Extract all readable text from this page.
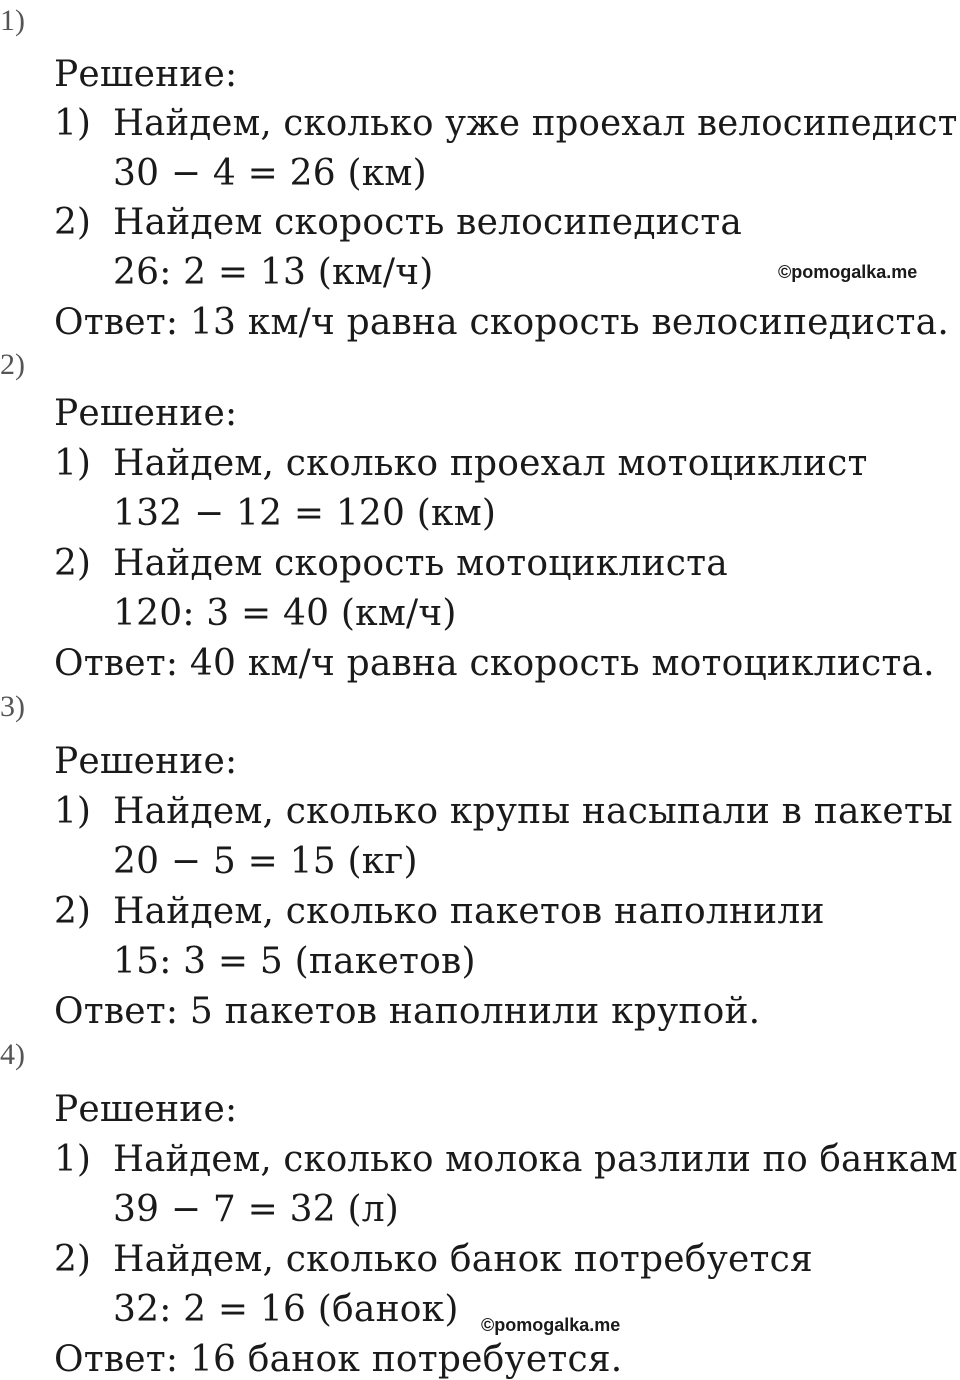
1)
Решение:
1) Найдем, сколько уже проехал велосипедист
30 − 4 = 26 (км)
2) Найдем скорость велосипедиста
26: 2 = 13 (км/ч)	©pomogalka.me
Ответ: 13 км/ч равна скорость велосипедиста.
2)
Решение:
1) Найдем, сколько проехал мотоциклист
132 − 12 = 120 (км)
2) Найдем скорость мотоциклиста
120: 3 = 40 (км/ч)
Ответ: 40 км/ч равна скорость мотоциклиста.
3)
Решение:
1) Найдем, сколько крупы насыпали в пакеты
20 − 5 = 15 (кг)
2) Найдем, сколько пакетов наполнили
15: 3 = 5 (пакетов)
Ответ: 5 пакетов наполнили крупой.
4)
Решение:
1) Найдем, сколько молока разлили по банкам
39 − 7 = 32 (л)
2) Найдем, сколько банок потребуется
32: 2 = 16 (банок) ©pomogalka.me
Ответ: 16 банок потребуется.
